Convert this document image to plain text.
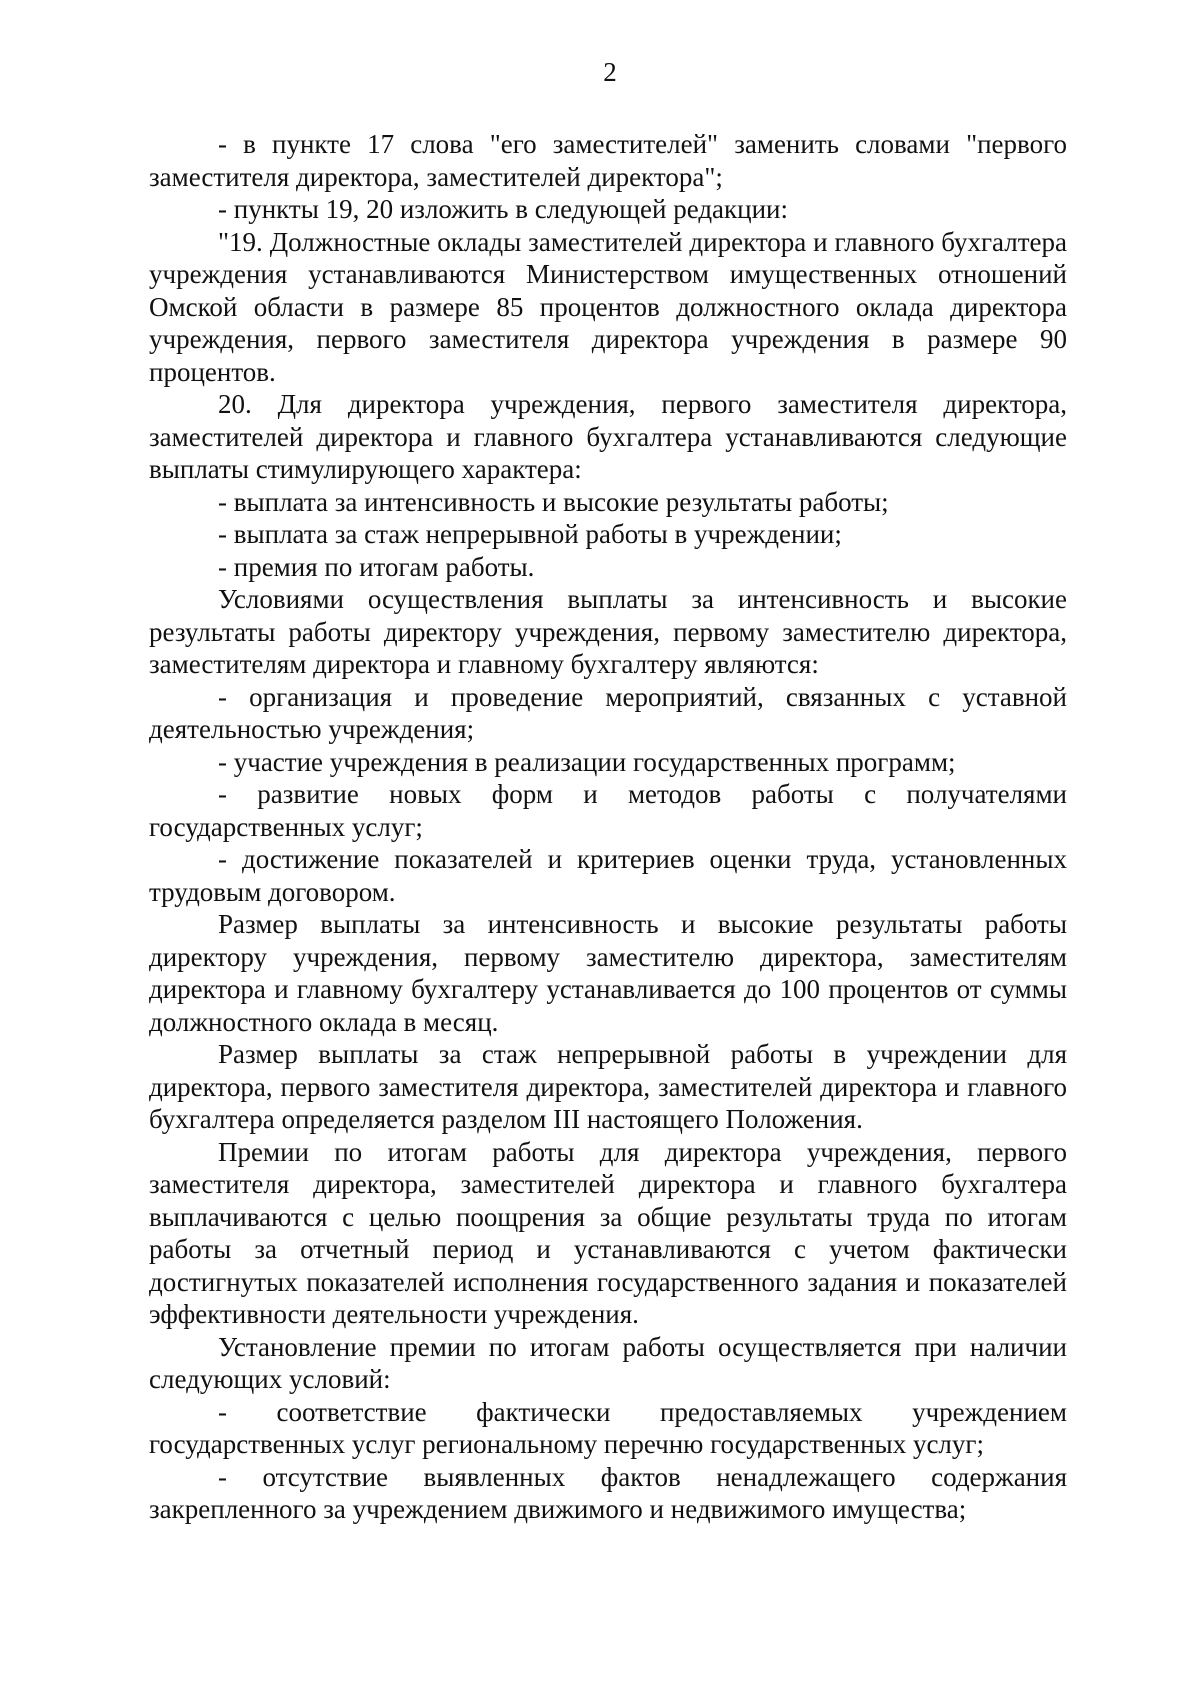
2

- в пункте 17 слова "его заместителей" заменить словами "первого заместителя директора, заместителей директора";

- пункты 19, 20 изложить в следующей редакции:

"19. Должностные оклады заместителей директора и главного бухгалтера учреждения устанавливаются Министерством имущественных отношений Омской области в размере 85 процентов должностного оклада директора учреждения, первого заместителя директора учреждения в размере 90 процентов.

20. Для директора учреждения, первого заместителя директора, заместителей директора и главного бухгалтера устанавливаются следующие выплаты стимулирующего характера:

- выплата за интенсивность и высокие результаты работы;

- выплата за стаж непрерывной работы в учреждении;

- премия по итогам работы.

Условиями осуществления выплаты за интенсивность и высокие результаты работы директору учреждения, первому заместителю директора, заместителям директора и главному бухгалтеру являются:

- организация и проведение мероприятий, связанных с уставной деятельностью учреждения;

- участие учреждения в реализации государственных программ;

- развитие новых форм и методов работы с получателями государственных услуг;

- достижение показателей и критериев оценки труда, установленных трудовым договором.

Размер выплаты за интенсивность и высокие результаты работы директору учреждения, первому заместителю директора, заместителям директора и главному бухгалтеру устанавливается до 100 процентов от суммы должностного оклада в месяц.

Размер выплаты за стаж непрерывной работы в учреждении для директора, первого заместителя директора, заместителей директора и главного бухгалтера определяется разделом III настоящего Положения.

Премии по итогам работы для директора учреждения, первого заместителя директора, заместителей директора и главного бухгалтера выплачиваются с целью поощрения за общие результаты труда по итогам работы за отчетный период и устанавливаются с учетом фактически достигнутых показателей исполнения государственного задания и показателей эффективности деятельности учреждения.

Установление премии по итогам работы осуществляется при наличии следующих условий:

- соответствие фактически предоставляемых учреждением государственных услуг региональному перечню государственных услуг;

- отсутствие выявленных фактов ненадлежащего содержания закрепленного за учреждением движимого и недвижимого имущества;
